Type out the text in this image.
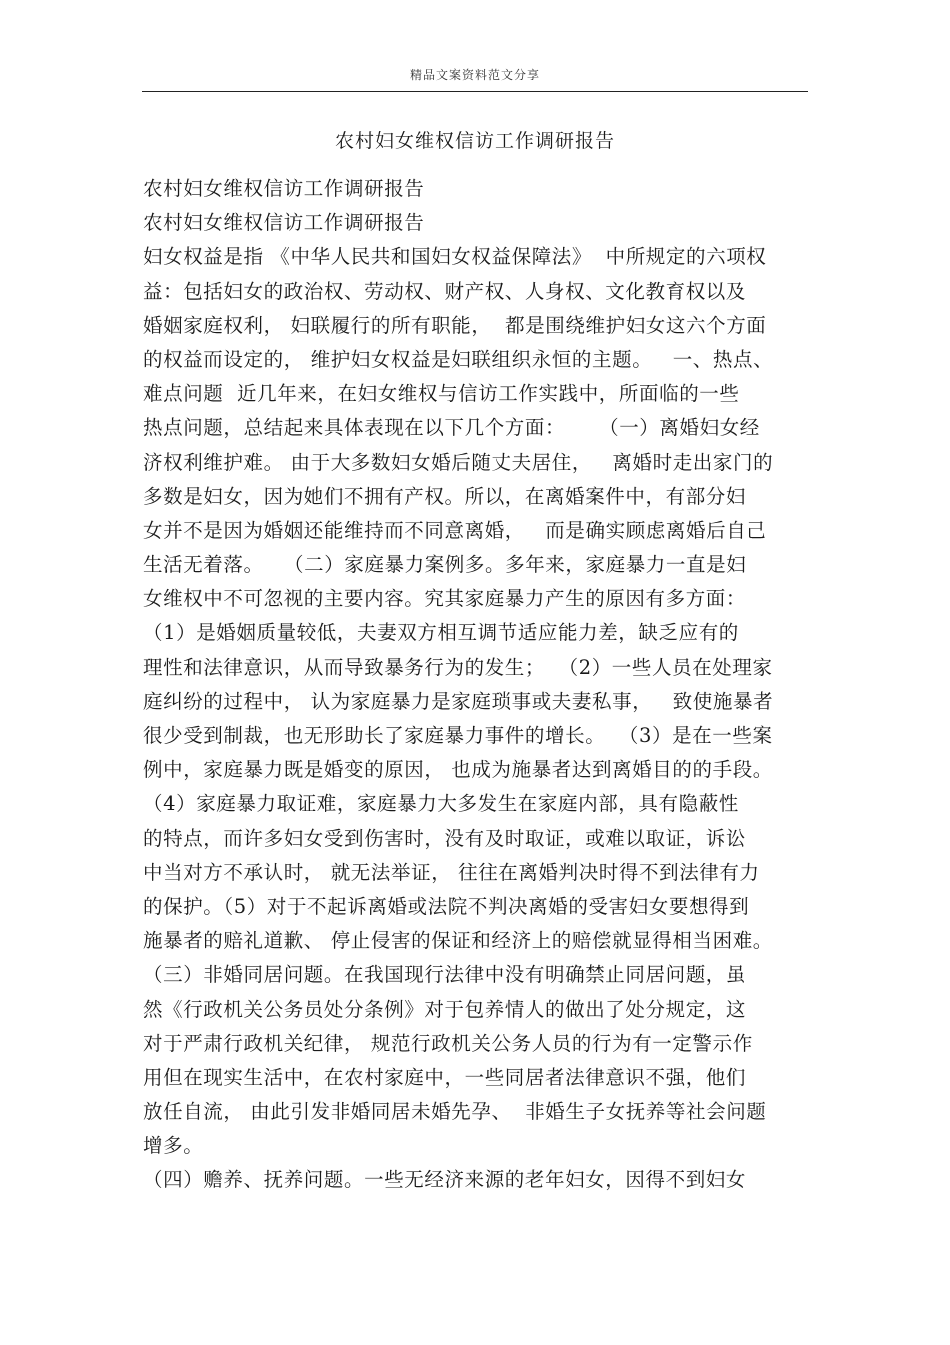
精品文案资料范文分享
农村妇女维权信访工作调研报告
农村妇女维权信访工作调研报告
农村妇女维权信访工作调研报告
妇女权益是指 《中华人民共和国妇女权益保障法》  中所规定的六项权
益：包括妇女的政治权、劳动权、财产权、人身权、文化教育权以及
婚姻家庭权利， 妇联履行的所有职能，  都是围绕维护妇女这六个方面
的权益而设定的， 维护妇女权益是妇联组织永恒的主题。   一、热点、
难点问题  近几年来，在妇女维权与信访工作实践中，所面临的一些
热点问题，总结起来具体表现在以下几个方面：     （一）离婚妇女经
济权利维护难。 由于大多数妇女婚后随丈夫居住，   离婚时走出家门的
多数是妇女，因为她们不拥有产权。所以，在离婚案件中，有部分妇
女并不是因为婚姻还能维持而不同意离婚，   而是确实顾虑离婚后自己
生活无着落。   （二）家庭暴力案例多。多年来，家庭暴力一直是妇
女维权中不可忽视的主要内容。究其家庭暴力产生的原因有多方面：
（1）是婚姻质量较低，夫妻双方相互调节适应能力差，缺乏应有的
理性和法律意识，从而导致暴务行为的发生；  （2）一些人员在处理家
庭纠纷的过程中， 认为家庭暴力是家庭琐事或夫妻私事，   致使施暴者
很少受到制裁，也无形助长了家庭暴力事件的增长。  （3）是在一些案
例中，家庭暴力既是婚变的原因， 也成为施暴者达到离婚目的的手段。
（4）家庭暴力取证难，家庭暴力大多发生在家庭内部，具有隐蔽性
的特点，而许多妇女受到伤害时，没有及时取证，或难以取证，诉讼
中当对方不承认时， 就无法举证， 往往在离婚判决时得不到法律有力
的保护。（5）对于不起诉离婚或法院不判决离婚的受害妇女要想得到
施暴者的赔礼道歉、 停止侵害的保证和经济上的赔偿就显得相当困难。
（三）非婚同居问题。在我国现行法律中没有明确禁止同居问题，虽
然《行政机关公务员处分条例》对于包养情人的做出了处分规定，这
对于严肃行政机关纪律， 规范行政机关公务人员的行为有一定警示作
用但在现实生活中，在农村家庭中，一些同居者法律意识不强，他们
放任自流， 由此引发非婚同居未婚先孕、  非婚生子女抚养等社会问题
增多。
（四）赡养、抚养问题。一些无经济来源的老年妇女，因得不到妇女
